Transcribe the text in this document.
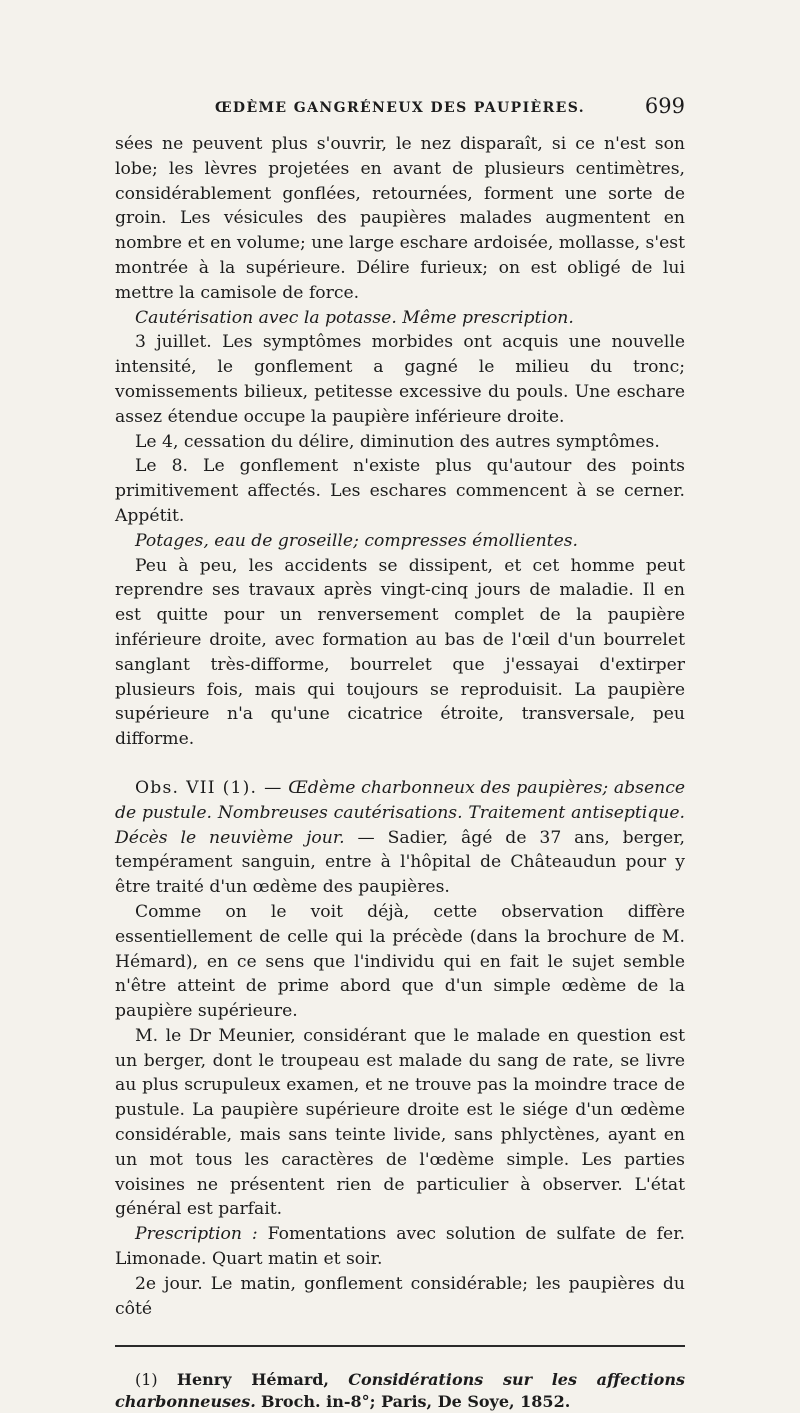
ŒDÈME GANGRÉNEUX DES PAUPIÈRES.	699

sées ne peuvent plus s'ouvrir, le nez disparaît, si ce n'est son lobe; les lèvres projetées en avant de plusieurs centimètres, considérablement gonflées, retournées, forment une sorte de groin. Les vésicules des paupières malades augmentent en nombre et en volume; une large eschare ardoisée, mollasse, s'est montrée à la supérieure. Délire furieux; on est obligé de lui mettre la camisole de force.

Cautérisation avec la potasse. Même prescription.

3 juillet. Les symptômes morbides ont acquis une nouvelle intensité, le gonflement a gagné le milieu du tronc; vomissements bilieux, petitesse excessive du pouls. Une eschare assez étendue occupe la paupière inférieure droite.

Le 4, cessation du délire, diminution des autres symptômes.

Le 8. Le gonflement n'existe plus qu'autour des points primitivement affectés. Les eschares commencent à se cerner. Appétit.

Potages, eau de groseille; compresses émollientes.

Peu à peu, les accidents se dissipent, et cet homme peut reprendre ses travaux après vingt-cinq jours de maladie. Il en est quitte pour un renversement complet de la paupière inférieure droite, avec formation au bas de l'œil d'un bourrelet sanglant très-difforme, bourrelet que j'essayai d'extirper plusieurs fois, mais qui toujours se reproduisit. La paupière supérieure n'a qu'une cicatrice étroite, transversale, peu difforme.

Obs. VII (1). — Œdème charbonneux des paupières; absence de pustule. Nombreuses cautérisations. Traitement antiseptique. Décès le neuvième jour. — Sadier, âgé de 37 ans, berger, tempérament sanguin, entre à l'hôpital de Châteaudun pour y être traité d'un œdème des paupières.

Comme on le voit déjà, cette observation diffère essentiellement de celle qui la précède (dans la brochure de M. Hémard), en ce sens que l'individu qui en fait le sujet semble n'être atteint de prime abord que d'un simple œdème de la paupière supérieure.

M. le Dr Meunier, considérant que le malade en question est un berger, dont le troupeau est malade du sang de rate, se livre au plus scrupuleux examen, et ne trouve pas la moindre trace de pustule. La paupière supérieure droite est le siége d'un œdème considérable, mais sans teinte livide, sans phlyctènes, ayant en un mot tous les caractères de l'œdème simple. Les parties voisines ne présentent rien de particulier à observer. L'état général est parfait.

Prescription : Fomentations avec solution de sulfate de fer. Limonade. Quart matin et soir.

2e jour. Le matin, gonflement considérable; les paupières du côté

(1) Henry Hémard, Considérations sur les affections charbonneuses. Broch. in-8°; Paris, De Soye, 1852.
